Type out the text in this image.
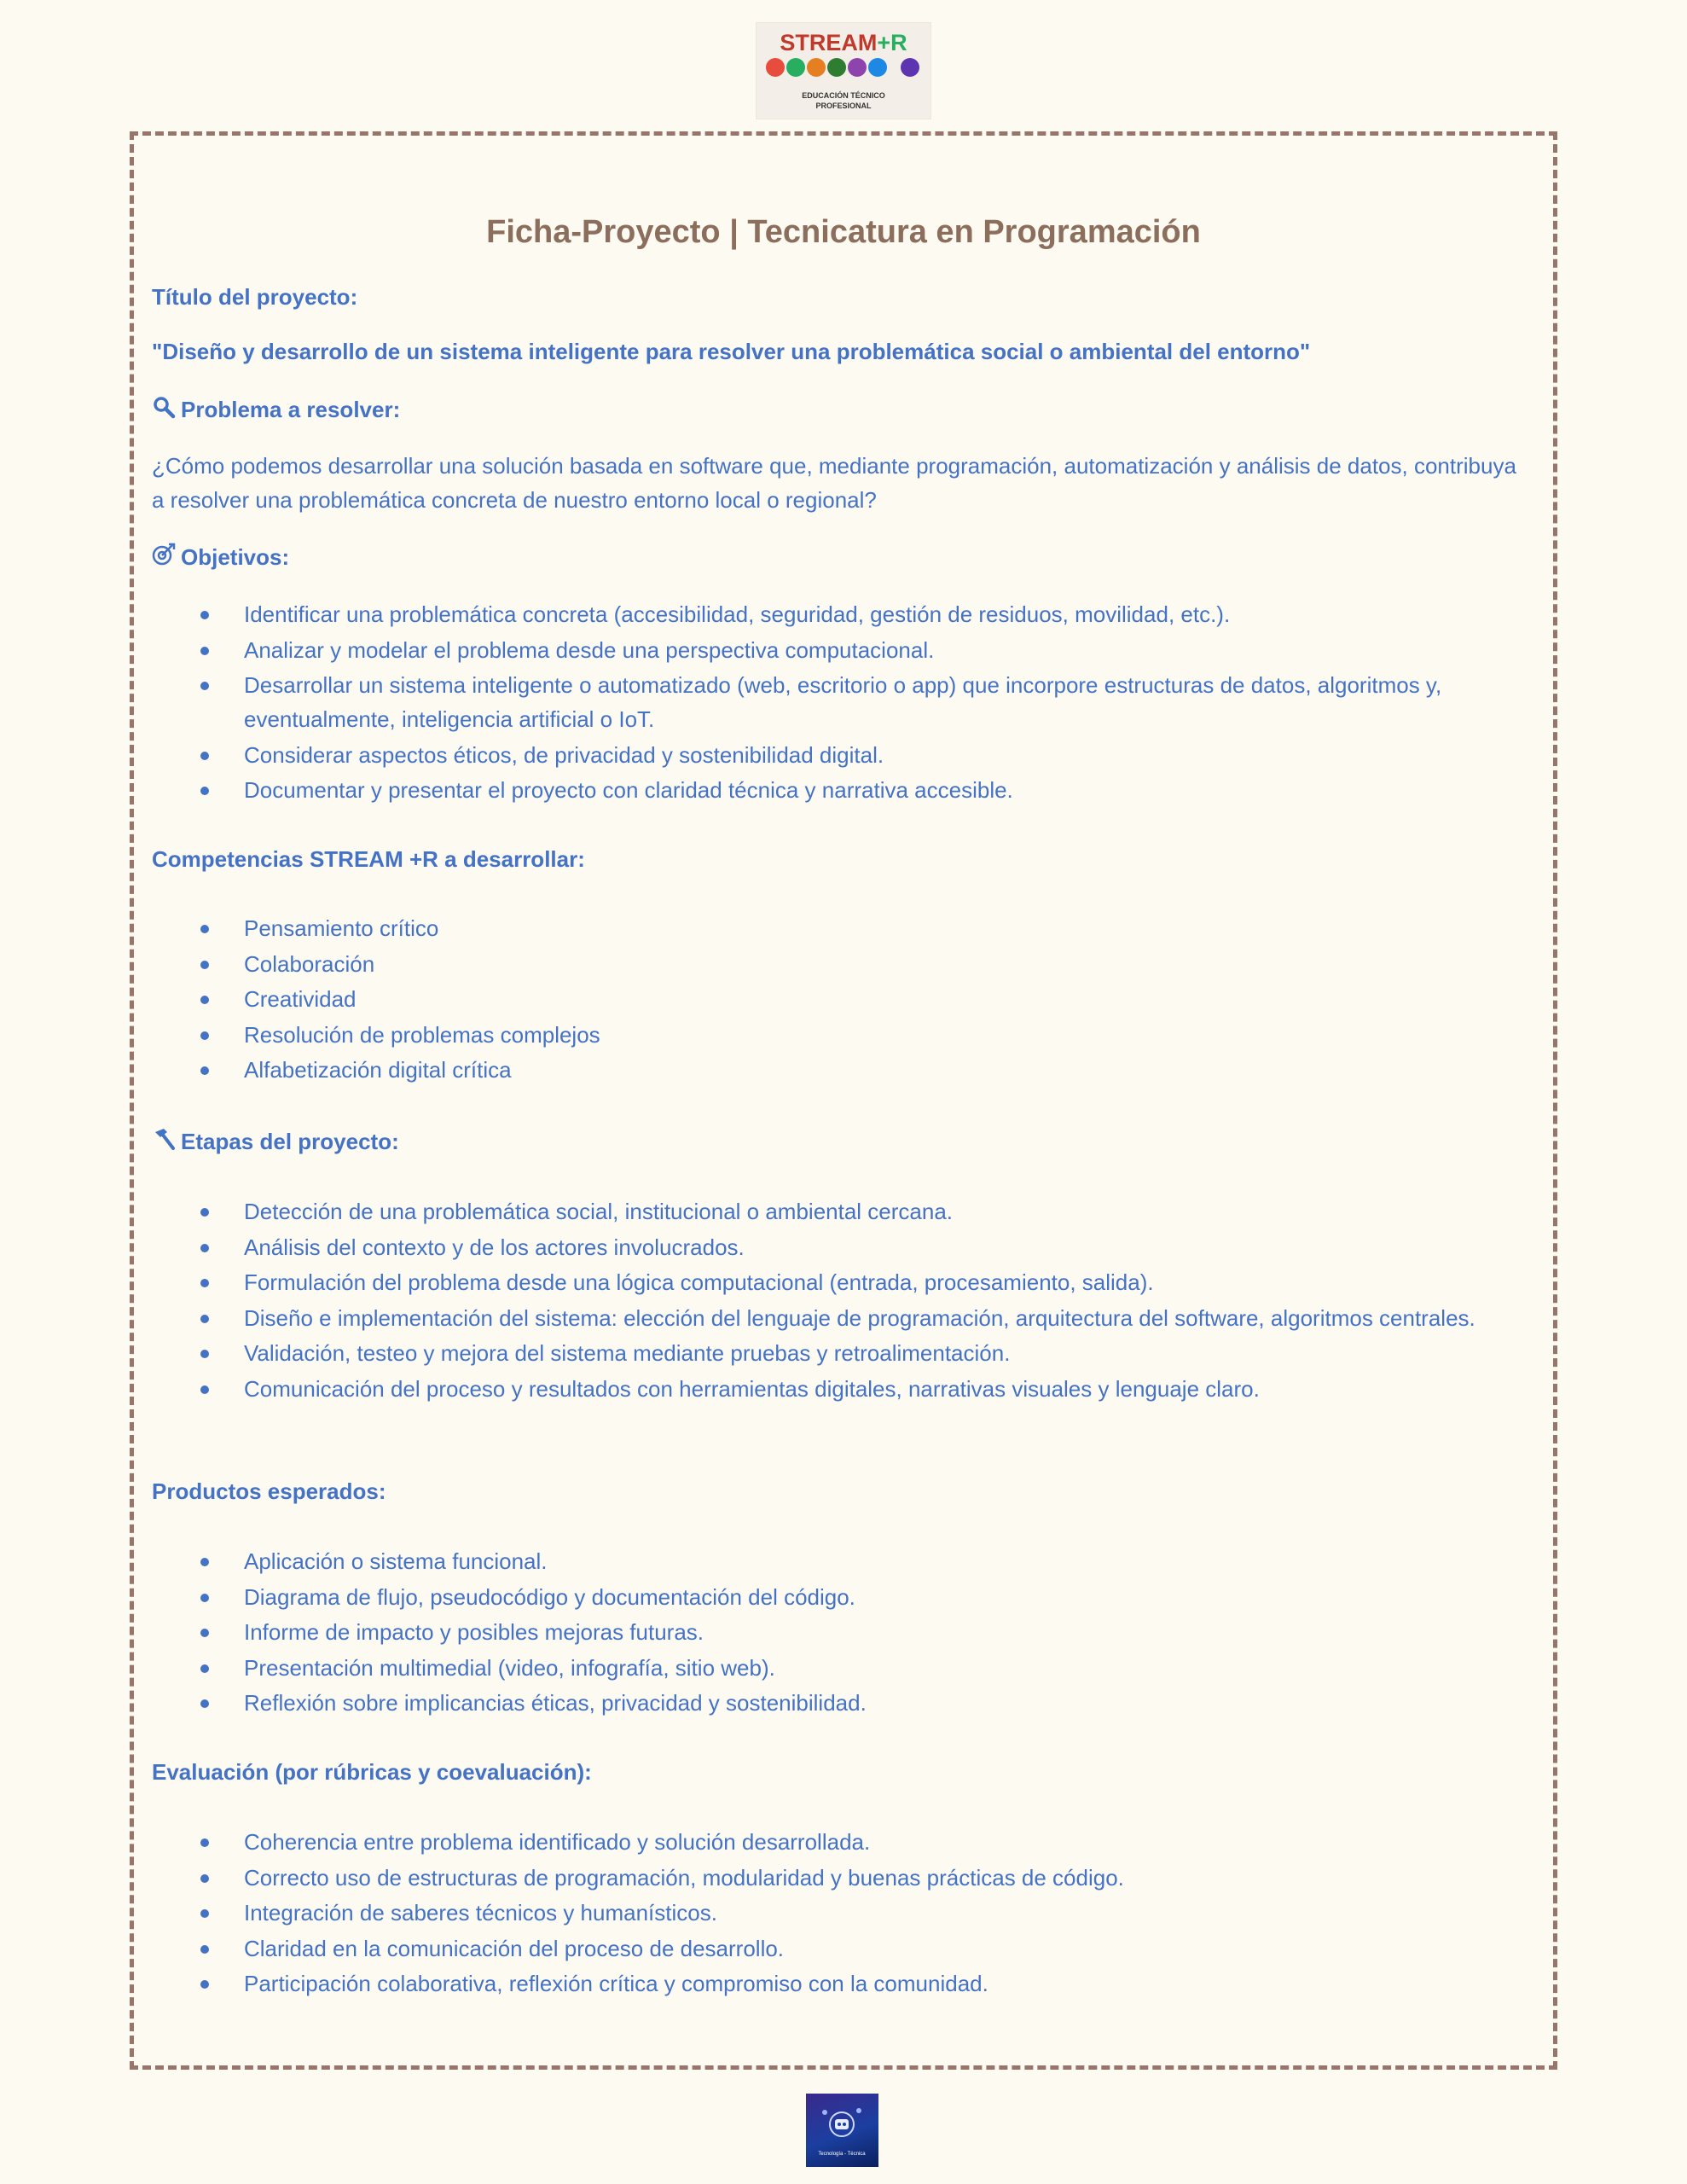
STREAM+R
EDUCACIÓN TÉCNICO
PROFESIONAL
Ficha-Proyecto | Tecnicatura en Programación
Título del proyecto:
"Diseño y desarrollo de un sistema inteligente para resolver una problemática social o ambiental del entorno"
Problema a resolver:
¿Cómo podemos desarrollar una solución basada en software que, mediante programación, automatización y análisis de datos, contribuya a resolver una problemática concreta de nuestro entorno local o regional?
Objetivos:
Identificar una problemática concreta (accesibilidad, seguridad, gestión de residuos, movilidad, etc.).
Analizar y modelar el problema desde una perspectiva computacional.
Desarrollar un sistema inteligente o automatizado (web, escritorio o app) que incorpore estructuras de datos, algoritmos y, eventualmente, inteligencia artificial o IoT.
Considerar aspectos éticos, de privacidad y sostenibilidad digital.
Documentar y presentar el proyecto con claridad técnica y narrativa accesible.
Competencias STREAM +R a desarrollar:
Pensamiento crítico
Colaboración
Creatividad
Resolución de problemas complejos
Alfabetización digital crítica
Etapas del proyecto:
Detección de una problemática social, institucional o ambiental cercana.
Análisis del contexto y de los actores involucrados.
Formulación del problema desde una lógica computacional (entrada, procesamiento, salida).
Diseño e implementación del sistema: elección del lenguaje de programación, arquitectura del software, algoritmos centrales.
Validación, testeo y mejora del sistema mediante pruebas y retroalimentación.
Comunicación del proceso y resultados con herramientas digitales, narrativas visuales y lenguaje claro.
Productos esperados:
Aplicación o sistema funcional.
Diagrama de flujo, pseudocódigo y documentación del código.
Informe de impacto y posibles mejoras futuras.
Presentación multimedial (video, infografía, sitio web).
Reflexión sobre implicancias éticas, privacidad y sostenibilidad.
Evaluación (por rúbricas y coevaluación):
Coherencia entre problema identificado y solución desarrollada.
Correcto uso de estructuras de programación, modularidad y buenas prácticas de código.
Integración de saberes técnicos y humanísticos.
Claridad en la comunicación del proceso de desarrollo.
Participación colaborativa, reflexión crítica y compromiso con la comunidad.
Tecnología - Técnica
